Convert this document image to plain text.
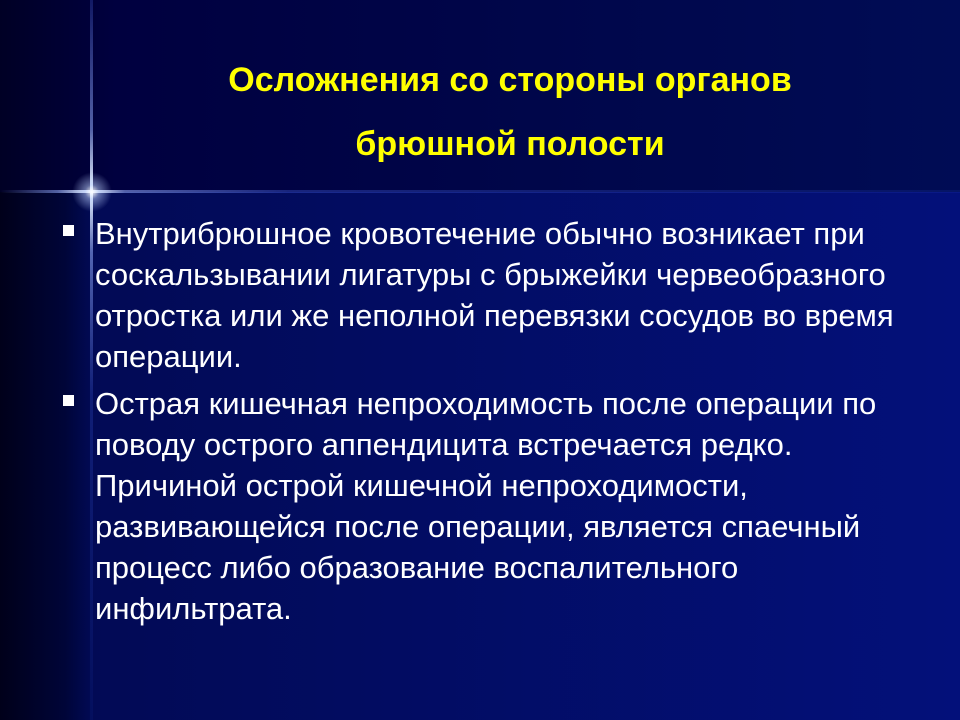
Осложнения со стороны органов
брюшной полости
Внутрибрюшное кровотечение обычно возникает при соскальзывании лигатуры с брыжейки червеобразного отростка или же неполной перевязки сосудов во время операции.
Острая кишечная непроходимость после операции по поводу острого аппендицита встречается редко. Причиной острой кишечной непроходимости, развивающейся после операции, является спаечный процесс либо образование воспалительного инфильтрата.
